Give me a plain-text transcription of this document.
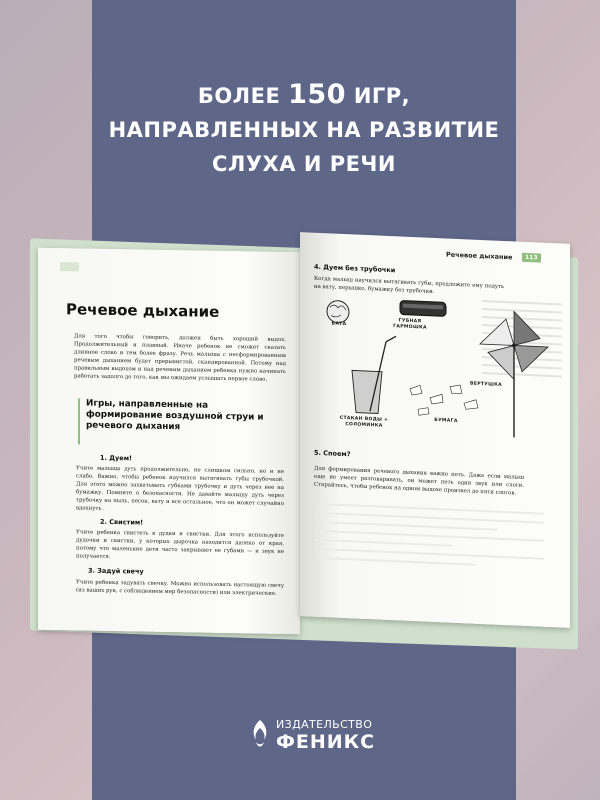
БОЛЕЕ 150 ИГР,
НАПРАВЛЕННЫХ НА РАЗВИТИЕ
СЛУХА И РЕЧИ
000
Речевое дыхание
Для того чтобы говорить, должен быть хороший выдох. Продолжительный и плавный. Иначе ребенок не сможет сказать длинное слово и тем более фразу. Речь малыша с несформированным речевым дыханием будет прерывистой, скандированной. Потому над правильным выдохом и над речевым дыханием ребенка нужно начинать работать задолго до того, как мы ожидаем услышать первое слово.
Игры, направленные на формирование воздушной струи и речевого дыхания
1. Дуем!
Учите малыша дуть продолжительно, не слишком сильно, но и не слабо. Важно, чтобы ребенок научился вытягивать губы трубочкой. Для этого можно захватывать губками трубочку и дуть через нее на бумажку. Помните о безопасности. Не давайте малышу дуть через трубочку на пыль, песок, вату и все остальное, что он может случайно вдохнуть.
2. Свистим!
Учите ребенка свистеть в дудки и свистки. Для этого используйте дудочки и свистки, у которых дырочка находится далеко от края, потому что маленькие дети часто закрывают ее губами — и звук не получается.
3. Задуй свечу
Учите ребенка задувать свечку. Можно использовать настоящую свечу (из ваших рук, с соблюдением мер безопасности) или электрические.
Речевое дыхание	113
4. Дуем без трубочки
Когда малыш научился вытягивать губы, предложите ему подуть на вату, перышко, бумажку без трубочки.
ВАТА	ГУБНАЯ ГАРМОШКА
ВЕРТУШКА
СТАКАН ВОДЫ + СОЛОМИНКА
БУМАГА
5. Споем?
Для формирования речевого дыхания важно петь. Даже если малыш еще не умеет разговаривать, он может петь один звук или слоги. Старайтесь, чтобы ребенок на одном выдохе произвел до пяти слогов.
ИЗДАТЕЛЬСТВО
ФЕНИКС
